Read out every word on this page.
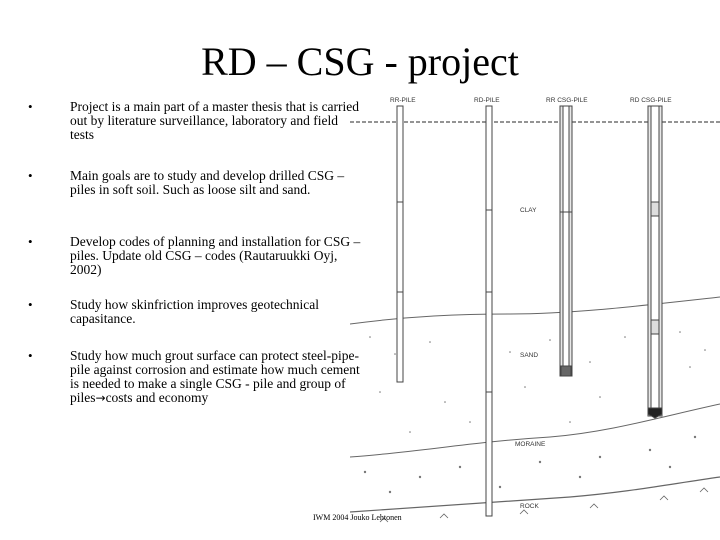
RD – CSG - project
•	Project is a main part of a master thesis that is carried out by literature surveillance, laboratory and field tests
•	Main goals are to study and develop drilled CSG – piles in soft soil. Such as loose silt and sand.
•	Develop codes of planning and installation for CSG – piles. Update old CSG – codes (Rautaruukki Oyj, 2002)
•	Study how skinfriction improves geotechnical capasitance.
•	Study how much grout surface can protect steel-pipe-pile against corrosion and estimate how much cement is needed to make a single CSG - pile and group of piles→costs and economy
RR-PILE	RD-PILE	RR CSG-PILE	RD CSG-PILE
CLAY
SAND
MORAINE
ROCK
IWM 2004 Jouko Lehtonen
